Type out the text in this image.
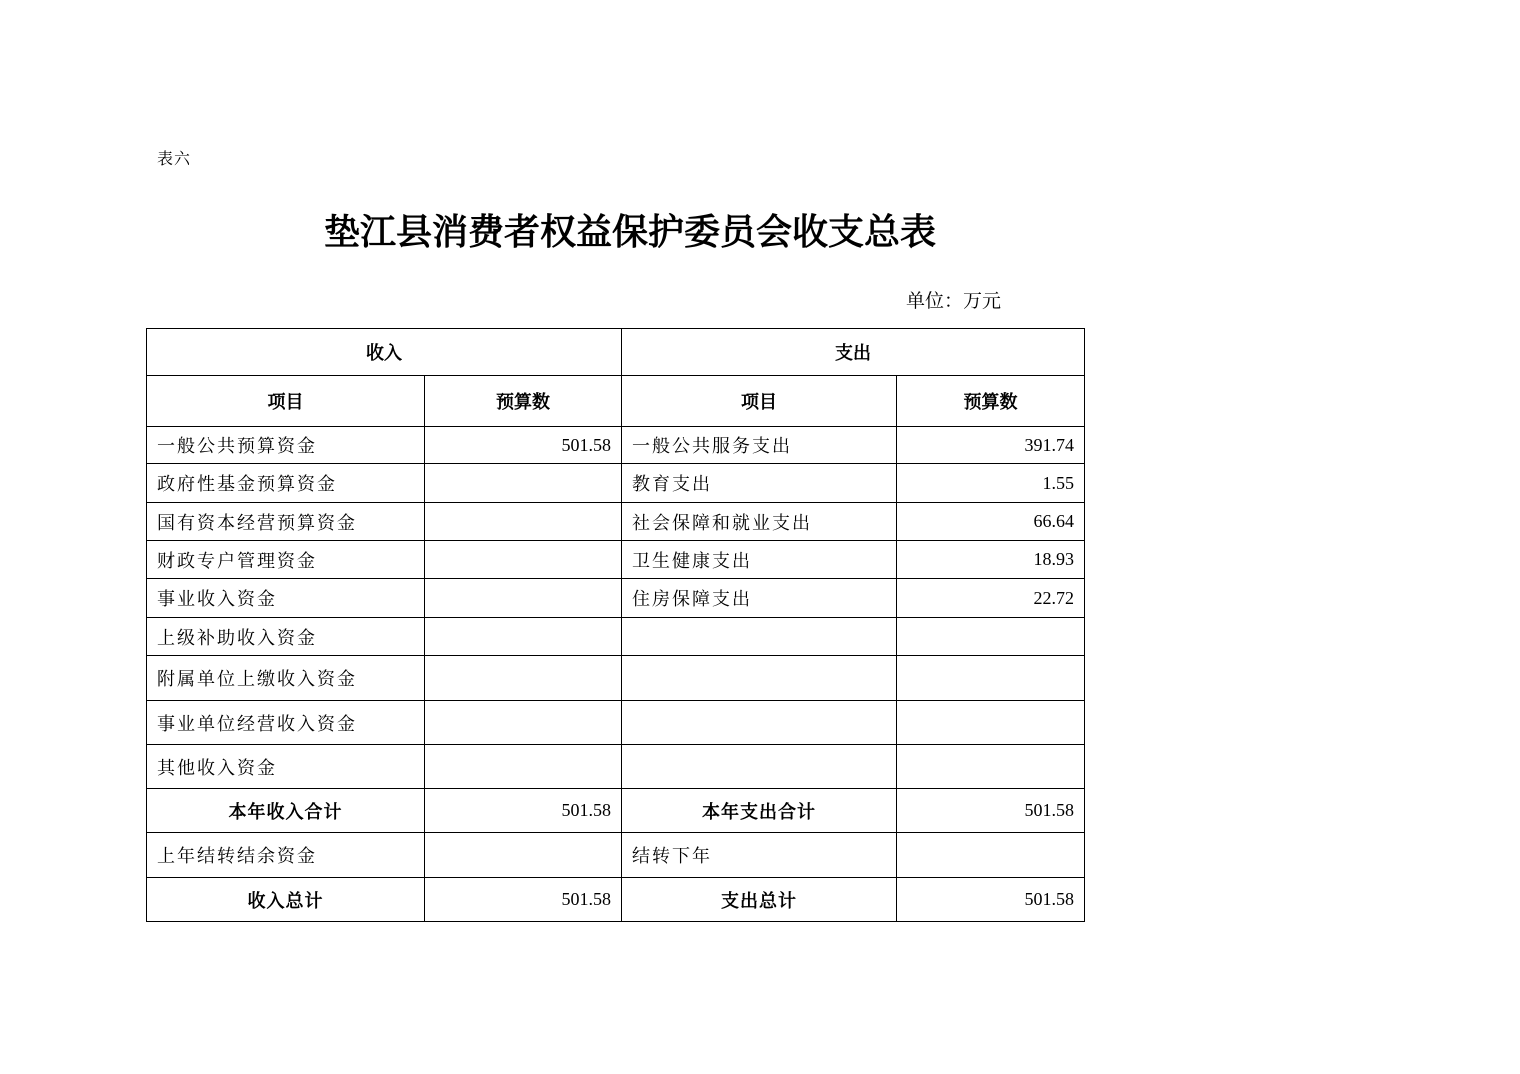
表六
垫江县消费者权益保护委员会收支总表
单位：万元
收入		支出	
项目	预算数	项目	预算数
一般公共预算资金	501.58	一般公共服务支出	391.74
政府性基金预算资金		教育支出	1.55
国有资本经营预算资金		社会保障和就业支出	66.64
财政专户管理资金		卫生健康支出	18.93
事业收入资金		住房保障支出	22.72
上级补助收入资金			
附属单位上缴收入资金			
事业单位经营收入资金			
其他收入资金			
本年收入合计	501.58	本年支出合计	501.58
上年结转结余资金		结转下年	
收入总计	501.58	支出总计	501.58
